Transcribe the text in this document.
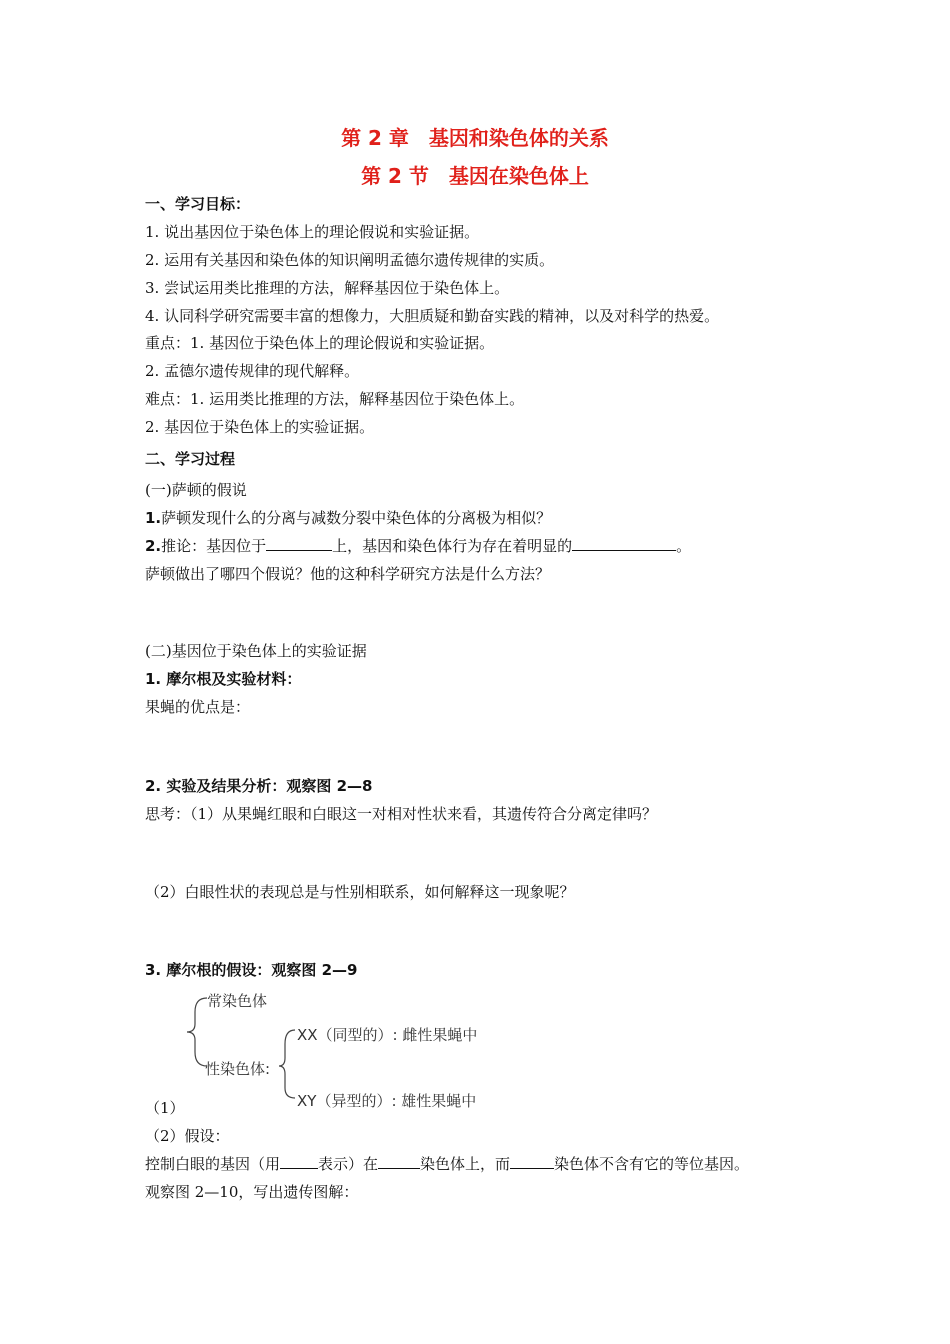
第 2 章　基因和染色体的关系
第 2 节　基因在染色体上
一、学习目标：
1. 说出基因位于染色体上的理论假说和实验证据。
2. 运用有关基因和染色体的知识阐明孟德尔遗传规律的实质。
3. 尝试运用类比推理的方法，解释基因位于染色体上。
4. 认同科学研究需要丰富的想像力，大胆质疑和勤奋实践的精神，以及对科学的热爱。
重点：1. 基因位于染色体上的理论假说和实验证据。
2. 孟德尔遗传规律的现代解释。
难点：1. 运用类比推理的方法，解释基因位于染色体上。
2. 基因位于染色体上的实验证据。
二、学习过程
(一)萨顿的假说
1.萨顿发现什么的分离与减数分裂中染色体的分离极为相似？
2.推论：基因位于	上，基因和染色体行为存在着明显的	。
萨顿做出了哪四个假说？他的这种科学研究方法是什么方法？
(二)基因位于染色体上的实验证据
1. 摩尔根及实验材料：
果蝇的优点是：
2. 实验及结果分析：观察图 2—8
思考：（1）从果蝇红眼和白眼这一对相对性状来看，其遗传符合分离定律吗？
（2）白眼性状的表现总是与性别相联系，如何解释这一现象呢？
3. 摩尔根的假设：观察图 2—9
常染色体
性染色体:
XX（同型的）: 雌性果蝇中
XY（异型的）: 雄性果蝇中
（1）
（2）假设：
控制白眼的基因（用	表示）在	染色体上，而	染色体不含有它的等位基因。
观察图 2—10，写出遗传图解：
